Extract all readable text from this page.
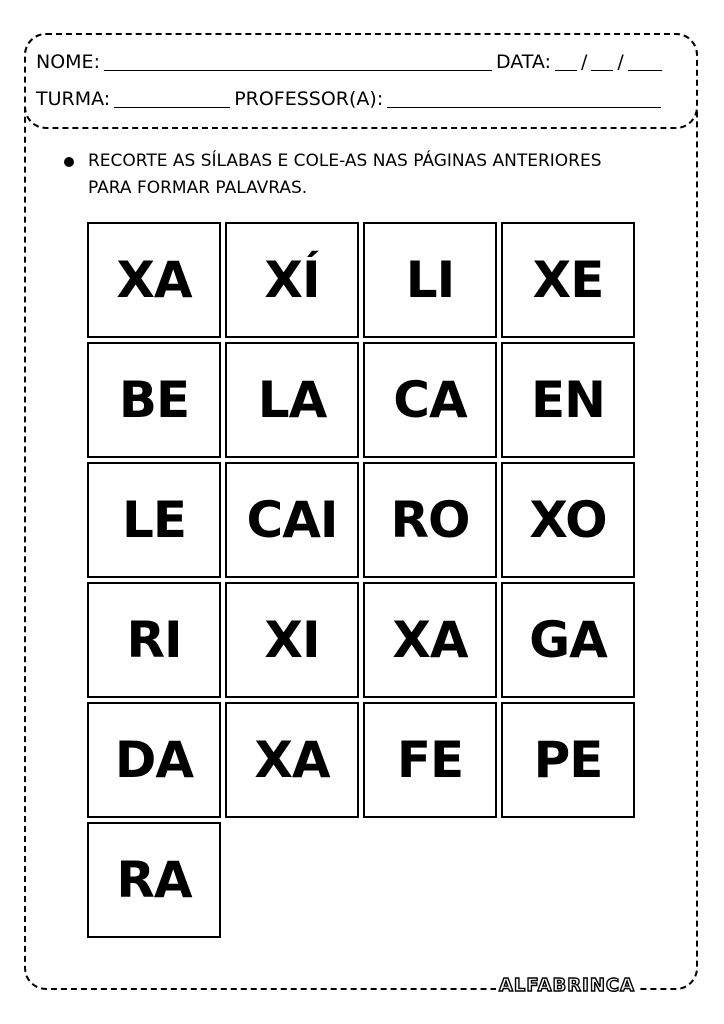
NOME:	DATA: / /
TURMA:	PROFESSOR(A):
RECORTE AS SÍLABAS E COLE-AS NAS PÁGINAS ANTERIORES
PARA FORMAR PALAVRAS.
XA	XÍ	LI	XE
BE	LA	CA	EN
LE	CAI	RO	XO
RI	XI	XA	GA
DA	XA	FE	PE
RA
ALFABRINCA
